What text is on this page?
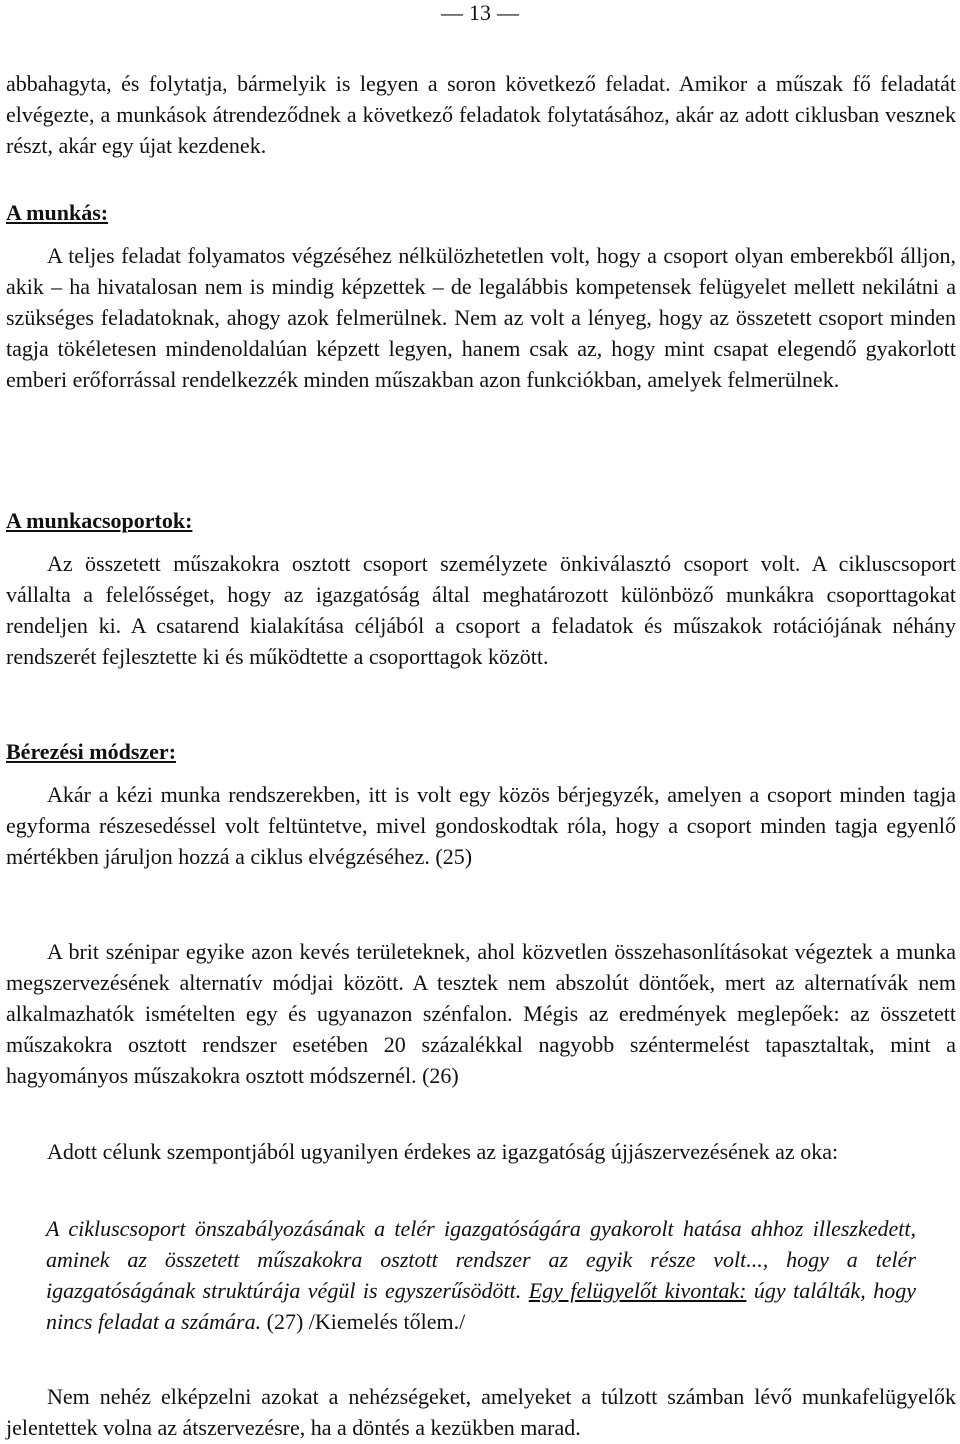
— 13 —
abbahagyta, és folytatja, bármelyik is legyen a soron következő feladat. Amikor a műszak fő feladatát elvégezte, a munkások átrendeződnek a következő feladatok folytatásához, akár az adott ciklusban vesznek részt, akár egy újat kezdenek.
A munkás:
A teljes feladat folyamatos végzéséhez nélkülözhetetlen volt, hogy a csoport olyan emberekből álljon, akik – ha hivatalosan nem is mindig képzettek – de legalábbis kompetensek felügyelet mellett nekilátni a szükséges feladatoknak, ahogy azok felmerülnek. Nem az volt a lényeg, hogy az összetett csoport minden tagja tökéletesen mindenoldalúan képzett legyen, hanem csak az, hogy mint csapat elegendő gyakorlott emberi erőforrással rendelkezzék minden műszakban azon funkciókban, amelyek felmerülnek.
A munkacsoportok:
Az összetett műszakokra osztott csoport személyzete önkiválasztó csoport volt. A cikluscsoport vállalta a felelősséget, hogy az igazgatóság által meghatározott különböző munkákra csoporttagokat rendeljen ki. A csatarend kialakítása céljából a csoport a feladatok és műszakok rotációjának néhány rendszerét fejlesztette ki és működtette a csoporttagok között.
Bérezési módszer:
Akár a kézi munka rendszerekben, itt is volt egy közös bérjegyzék, amelyen a csoport minden tagja egyforma részesedéssel volt feltüntetve, mivel gondoskodtak róla, hogy a csoport minden tagja egyenlő mértékben járuljon hozzá a ciklus elvégzéséhez. (25)
A brit szénipar egyike azon kevés területeknek, ahol közvetlen összehasonlításokat végeztek a munka megszervezésének alternatív módjai között. A tesztek nem abszolút döntőek, mert az alternatívák nem alkalmazhatók ismételten egy és ugyanazon szénfalon. Mégis az eredmények meglepőek: az összetett műszakokra osztott rendszer esetében 20 százalékkal nagyobb széntermelést tapasztaltak, mint a hagyományos műszakokra osztott módszernél. (26)
Adott célunk szempontjából ugyanilyen érdekes az igazgatóság újjászervezésének az oka:
A cikluscsoport önszabályozásának a telér igazgatóságára gyakorolt hatása ahhoz illeszkedett, aminek az összetett műszakokra osztott rendszer az egyik része volt..., hogy a telér igazgatóságának struktúrája végül is egyszerűsödött. Egy felügyelőt kivontak: úgy találták, hogy nincs feladat a számára. (27) /Kiemelés tőlem./
Nem nehéz elképzelni azokat a nehézségeket, amelyeket a túlzott számban lévő munkafelügyelők jelentettek volna az átszervezésre, ha a döntés a kezükben marad.
